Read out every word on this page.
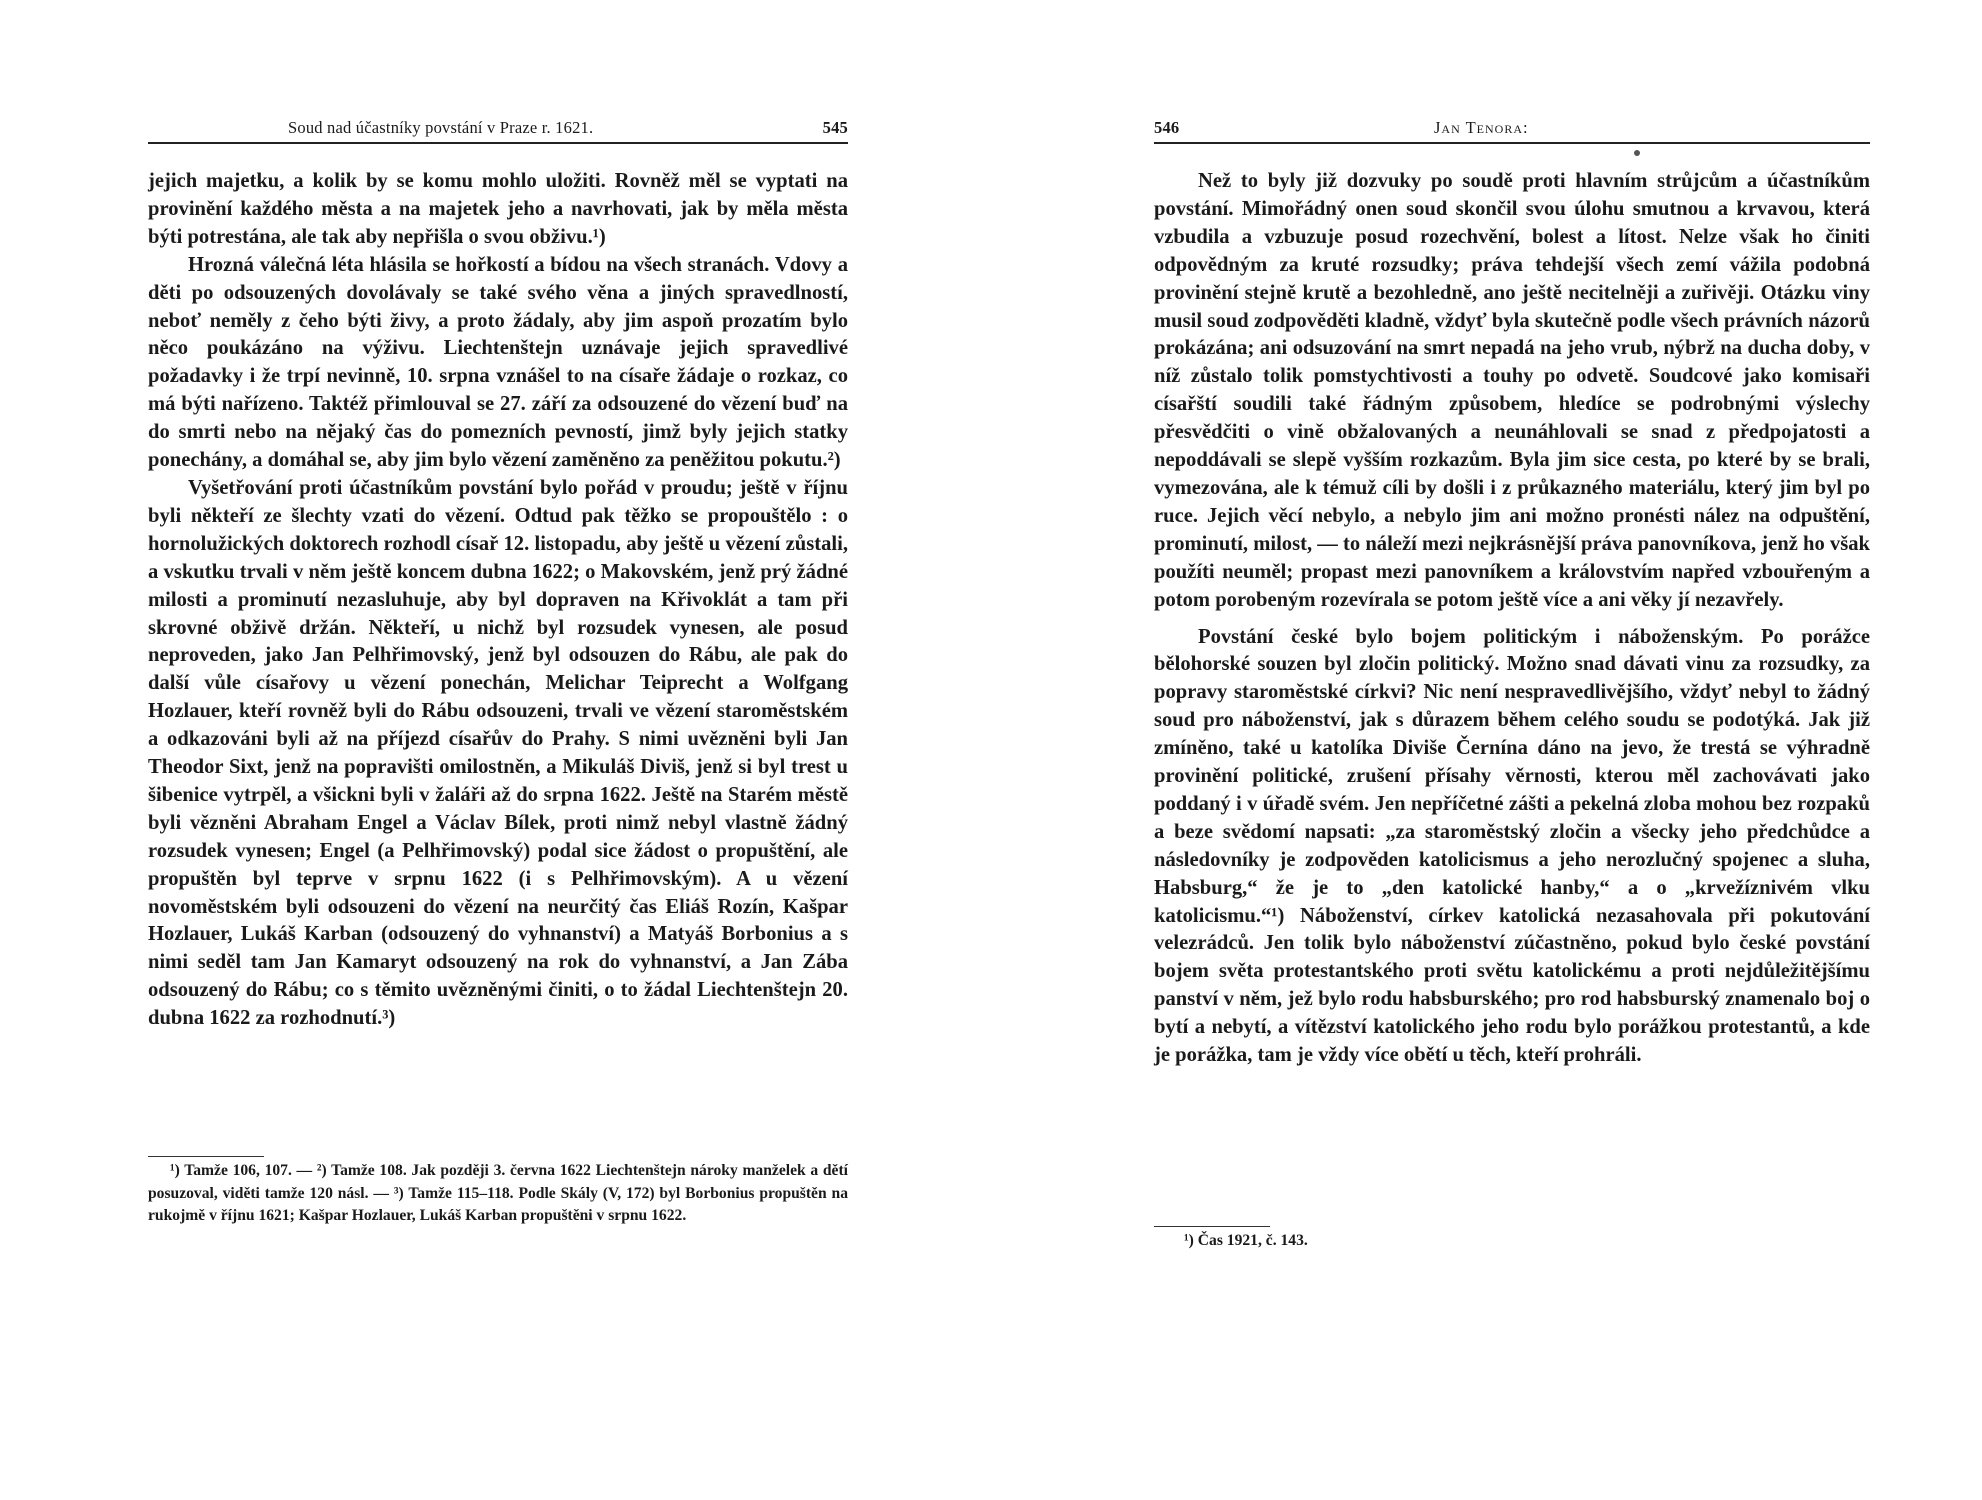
Soud nad účastníky povstání v Praze r. 1621.	545

jejich majetku, a kolik by se komu mohlo uložiti. Rovněž měl se vyptati na provinění každého města a na majetek jeho a navrhovati, jak by měla města býti potrestána, ale tak aby nepřišla o svou obživu.¹)

Hrozná válečná léta hlásila se hořkostí a bídou na všech stranách. Vdovy a děti po odsouzených dovolávaly se také svého věna a jiných spravedlností, neboť neměly z čeho býti živy, a proto žádaly, aby jim aspoň prozatím bylo něco poukázáno na výživu. Liechtenštejn uznávaje jejich spravedlivé požadavky i že trpí nevinně, 10. srpna vznášel to na císaře žádaje o rozkaz, co má býti nařízeno. Taktéž přimlouval se 27. září za odsouzené do vězení buď na do smrti nebo na nějaký čas do pomezních pevností, jimž byly jejich statky ponechány, a domáhal se, aby jim bylo vězení zaměněno za peněžitou pokutu.²)

Vyšetřování proti účastníkům povstání bylo pořád v proudu; ještě v říjnu byli někteří ze šlechty vzati do vězení. Odtud pak těžko se propouštělo : o hornolužických doktorech rozhodl císař 12. listopadu, aby ještě u vězení zůstali, a vskutku trvali v něm ještě koncem dubna 1622; o Makovském, jenž prý žádné milosti a prominutí nezasluhuje, aby byl dopraven na Křivoklát a tam při skrovné obživě držán. Někteří, u nichž byl rozsudek vynesen, ale posud neproveden, jako Jan Pelhřimovský, jenž byl odsouzen do Rábu, ale pak do další vůle císařovy u vězení ponechán, Melichar Teiprecht a Wolfgang Hozlauer, kteří rovněž byli do Rábu odsouzeni, trvali ve vězení staroměstském a odkazováni byli až na příjezd císařův do Prahy. S nimi uvězněni byli Jan Theodor Sixt, jenž na popravišti omilostněn, a Mikuláš Diviš, jenž si byl trest u šibenice vytrpěl, a všickni byli v žaláři až do srpna 1622. Ještě na Starém městě byli vězněni Abraham Engel a Václav Bílek, proti nimž nebyl vlastně žádný rozsudek vynesen; Engel (a Pelhřimovský) podal sice žádost o propuštění, ale propuštěn byl teprve v srpnu 1622 (i s Pelhřimovským). A u vězení novoměstském byli odsouzeni do vězení na neurčitý čas Eliáš Rozín, Kašpar Hozlauer, Lukáš Karban (odsouzený do vyhnanství) a Matyáš Borbonius a s nimi seděl tam Jan Kamaryt odsouzený na rok do vyhnanství, a Jan Zába odsouzený do Rábu; co s těmito uvězněnými činiti, o to žádal Liechtenštejn 20. dubna 1622 za rozhodnutí.³)

¹) Tamže 106, 107. — ²) Tamže 108. Jak později 3. června 1622 Liechtenštejn nároky manželek a dětí posuzoval, viděti tamže 120 násl. — ³) Tamže 115–118. Podle Skály (V, 172) byl Borbonius propuštěn na rukojmě v říjnu 1621; Kašpar Hozlauer, Lukáš Karban propuštěni v srpnu 1622.

546	Jan Tenora:

Než to byly již dozvuky po soudě proti hlavním strůjcům a účastníkům povstání. Mimořádný onen soud skončil svou úlohu smutnou a krvavou, která vzbudila a vzbuzuje posud rozechvění, bolest a lítost. Nelze však ho činiti odpovědným za kruté rozsudky; práva tehdejší všech zemí vážila podobná provinění stejně krutě a bezohledně, ano ještě necitelněji a zuřivěji. Otázku viny musil soud zodpověděti kladně, vždyť byla skutečně podle všech právních názorů prokázána; ani odsuzování na smrt nepadá na jeho vrub, nýbrž na ducha doby, v níž zůstalo tolik pomstychtivosti a touhy po odvetě. Soudcové jako komisaři císařští soudili také řádným způsobem, hledíce se podrobnými výslechy přesvědčiti o vině obžalovaných a neunáhlovali se snad z předpojatosti a nepoddávali se slepě vyšším rozkazům. Byla jim sice cesta, po které by se brali, vymezována, ale k témuž cíli by došli i z průkazného materiálu, který jim byl po ruce. Jejich věcí nebylo, a nebylo jim ani možno pronésti nález na odpuštění, prominutí, milost, — to náleží mezi nejkrásnější práva panovníkova, jenž ho však použíti neuměl; propast mezi panovníkem a královstvím napřed vzbouřeným a potom porobeným rozevírala se potom ještě více a ani věky jí nezavřely.

Povstání české bylo bojem politickým i náboženským. Po porážce bělohorské souzen byl zločin politický. Možno snad dávati vinu za rozsudky, za popravy staroměstské církvi? Nic není nespravedlivějšího, vždyť nebyl to žádný soud pro náboženství, jak s důrazem během celého soudu se podotýká. Jak již zmíněno, také u katolíka Diviše Černína dáno na jevo, že trestá se výhradně provinění politické, zrušení přísahy věrnosti, kterou měl zachovávati jako poddaný i v úřadě svém. Jen nepříčetné zášti a pekelná zloba mohou bez rozpaků a beze svědomí napsati: „za staroměstský zločin a všecky jeho předchůdce a následovníky je zodpověden katolicismus a jeho nerozlučný spojenec a sluha, Habsburg,“ že je to „den katolické hanby,“ a o „krvežíznivém vlku katolicismu.“¹) Náboženství, církev katolická nezasahovala při pokutování velezrádců. Jen tolik bylo náboženství zúčastněno, pokud bylo české povstání bojem světa protestantského proti světu katolickému a proti nejdůležitějšímu panství v něm, jež bylo rodu habsburského; pro rod habsburský znamenalo boj o bytí a nebytí, a vítězství katolického jeho rodu bylo porážkou protestantů, a kde je porážka, tam je vždy více obětí u těch, kteří prohráli.

¹) Čas 1921, č. 143.
